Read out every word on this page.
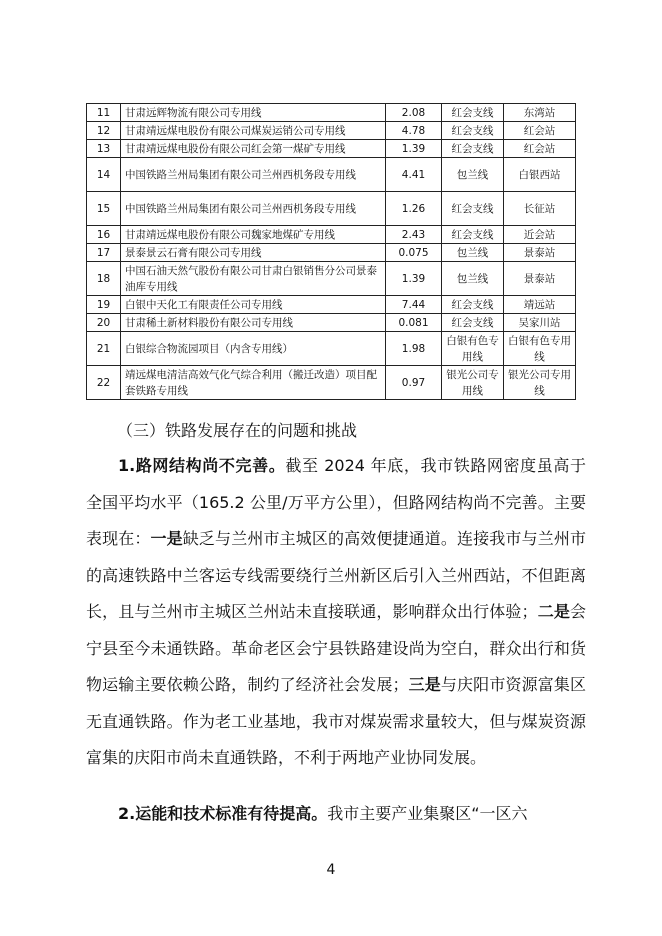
11	甘肃远辉物流有限公司专用线	2.08	红会支线	东湾站
12	甘肃靖远煤电股份有限公司煤炭运销公司专用线	4.78	红会支线	红会站
13	甘肃靖远煤电股份有限公司红会第一煤矿专用线	1.39	红会支线	红会站
14	中国铁路兰州局集团有限公司兰州西机务段专用线	4.41	包兰线	白银西站
15	中国铁路兰州局集团有限公司兰州西机务段专用线	1.26	红会支线	长征站
16	甘肃靖远煤电股份有限公司魏家地煤矿专用线	2.43	红会支线	近会站
17	景泰景云石膏有限公司专用线	0.075	包兰线	景泰站
18	中国石油天然气股份有限公司甘肃白银销售分公司景泰油库专用线	1.39	包兰线	景泰站
19	白银中天化工有限责任公司专用线	7.44	红会支线	靖远站
20	甘肃稀土新材料股份有限公司专用线	0.081	红会支线	吴家川站
21	白银综合物流园项目（内含专用线）	1.98	白银有色专用线	白银有色专用线
22	靖远煤电清洁高效气化气综合利用（搬迁改造）项目配套铁路专用线	0.97	银光公司专用线	银光公司专用线
（三）铁路发展存在的问题和挑战
1.路网结构尚不完善。截至 2024 年底，我市铁路网密度虽高于全国平均水平（165.2 公里/万平方公里），但路网结构尚不完善。主要表现在：一是缺乏与兰州市主城区的高效便捷通道。连接我市与兰州市的高速铁路中兰客运专线需要绕行兰州新区后引入兰州西站，不但距离长，且与兰州市主城区兰州站未直接联通，影响群众出行体验；二是会宁县至今未通铁路。革命老区会宁县铁路建设尚为空白，群众出行和货物运输主要依赖公路，制约了经济社会发展；三是与庆阳市资源富集区无直通铁路。作为老工业基地，我市对煤炭需求量较大，但与煤炭资源富集的庆阳市尚未直通铁路，不利于两地产业协同发展。
2.运能和技术标准有待提高。我市主要产业集聚区“一区六
4
